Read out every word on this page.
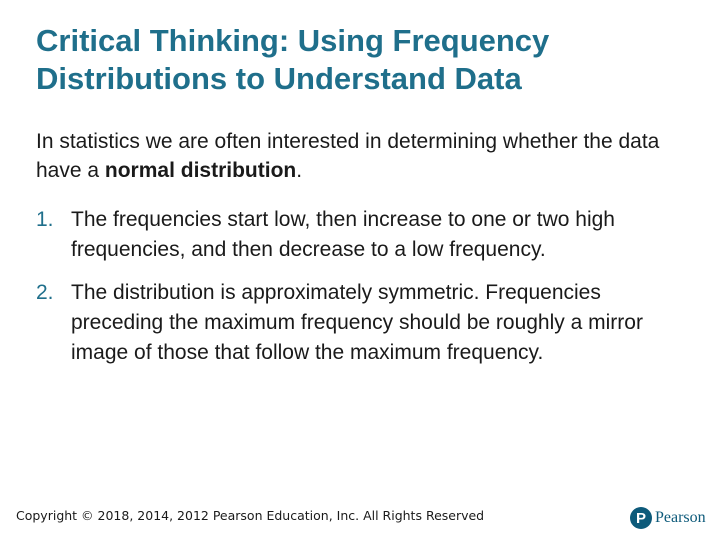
Critical Thinking: Using Frequency
Distributions to Understand Data

In statistics we are often interested in determining whether the data have a normal distribution.

1. The frequencies start low, then increase to one or two high frequencies, and then decrease to a low frequency.
2. The distribution is approximately symmetric. Frequencies preceding the maximum frequency should be roughly a mirror image of those that follow the maximum frequency.
Copyright © 2018, 2014, 2012 Pearson Education, Inc. All Rights Reserved	P Pearson
